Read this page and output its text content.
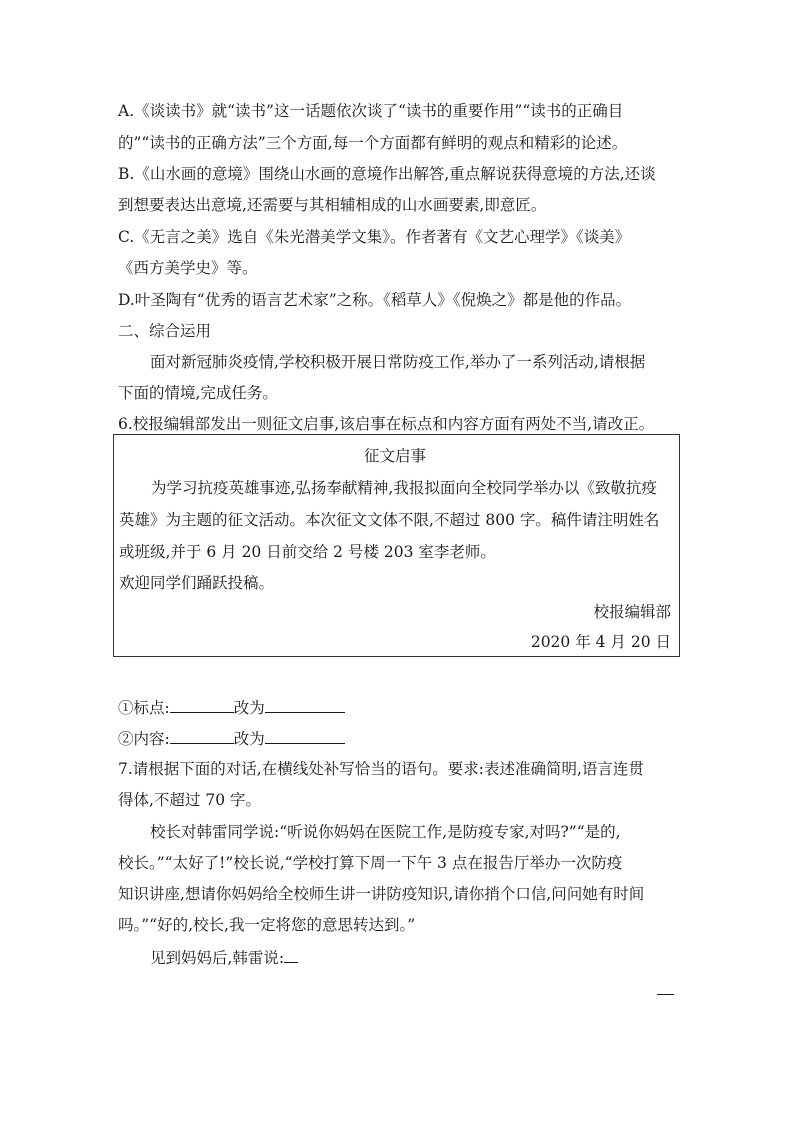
A.《谈读书》就“读书”这一话题依次谈了“读书的重要作用”“读书的正确目
的”“读书的正确方法”三个方面,每一个方面都有鲜明的观点和精彩的论述。
B.《山水画的意境》围绕山水画的意境作出解答,重点解说获得意境的方法,还谈
到想要表达出意境,还需要与其相辅相成的山水画要素,即意匠。
C.《无言之美》选自《朱光潜美学文集》。作者著有《文艺心理学》《谈美》
《西方美学史》等。
D.叶圣陶有“优秀的语言艺术家”之称。《稻草人》《倪焕之》都是他的作品。
二、综合运用
面对新冠肺炎疫情,学校积极开展日常防疫工作,举办了一系列活动,请根据
下面的情境,完成任务。
6.校报编辑部发出一则征文启事,该启事在标点和内容方面有两处不当,请改正。
征文启事
为学习抗疫英雄事迹,弘扬奉献精神,我报拟面向全校同学举办以《致敬抗疫
英雄》为主题的征文活动。本次征文文体不限,不超过 800 字。稿件请注明姓名
或班级,并于 6 月 20 日前交给 2 号楼 203 室李老师。
欢迎同学们踊跃投稿。
校报编辑部
2020 年 4 月 20 日
①标点:	改为
②内容:	改为
7.请根据下面的对话,在横线处补写恰当的语句。要求:表述准确简明,语言连贯
得体,不超过 70 字。
校长对韩雷同学说:“听说你妈妈在医院工作,是防疫专家,对吗?”“是的,
校长。”“太好了!”校长说,“学校打算下周一下午 3 点在报告厅举办一次防疫
知识讲座,想请你妈妈给全校师生讲一讲防疫知识,请你捎个口信,问问她有时间
吗。”“好的,校长,我一定将您的意思转达到。”
见到妈妈后,韩雷说:
